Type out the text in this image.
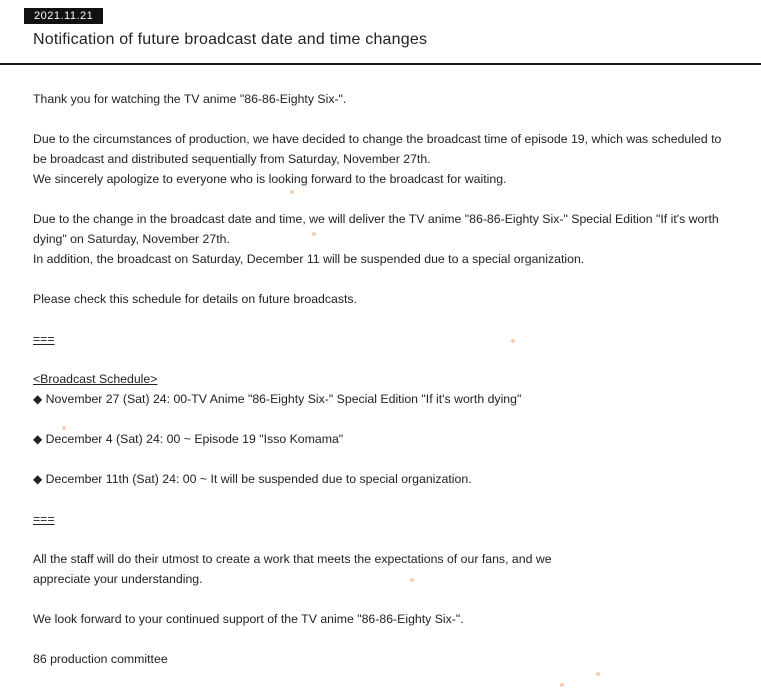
2021.11.21
Notification of future broadcast date and time changes

Thank you for watching the TV anime "86-86-Eighty Six-".

Due to the circumstances of production, we have decided to change the broadcast time of episode 19, which was scheduled to

be broadcast and distributed sequentially from Saturday, November 27th.

We sincerely apologize to everyone who is looking forward to the broadcast for waiting.

Due to the change in the broadcast date and time, we will deliver the TV anime "86-86-Eighty Six-" Special Edition "If it's worth

dying" on Saturday, November 27th.

In addition, the broadcast on Saturday, December 11 will be suspended due to a special organization.

Please check this schedule for details on future broadcasts.

===

<Broadcast Schedule>

◆ November 27 (Sat) 24: 00-TV Anime "86-Eighty Six-" Special Edition "If it's worth dying"

◆ December 4 (Sat) 24: 00 ~ Episode 19 "Isso Komama"

◆ December 11th (Sat) 24: 00 ~ It will be suspended due to special organization.

===

All the staff will do their utmost to create a work that meets the expectations of our fans, and we

appreciate your understanding.

We look forward to your continued support of the TV anime "86-86-Eighty Six-".

86 production committee
